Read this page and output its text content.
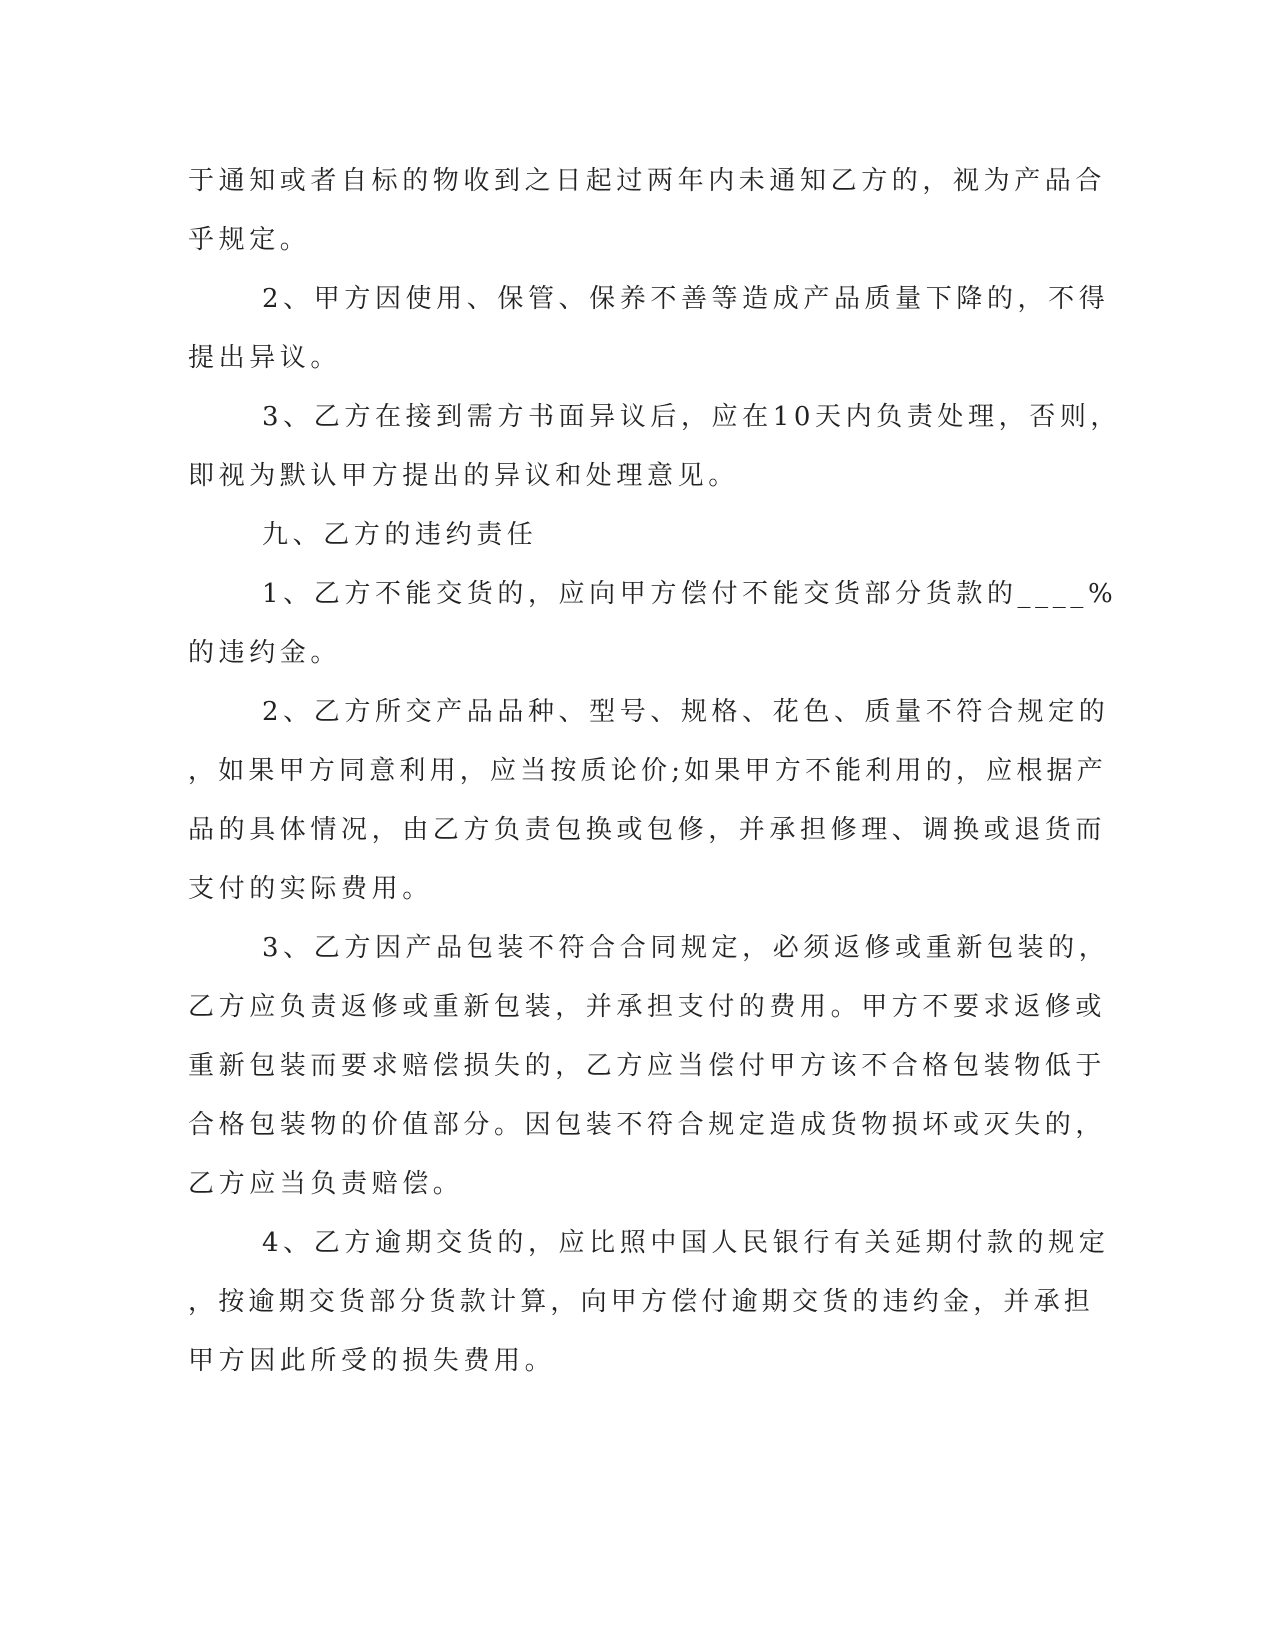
于通知或者自标的物收到之日起过两年内未通知乙方的，视为产品合
乎规定。
2、甲方因使用、保管、保养不善等造成产品质量下降的，不得
提出异议。
3、乙方在接到需方书面异议后，应在10天内负责处理，否则，
即视为默认甲方提出的异议和处理意见。
九、乙方的违约责任
1、乙方不能交货的，应向甲方偿付不能交货部分货款的____%
的违约金。
2、乙方所交产品品种、型号、规格、花色、质量不符合规定的
，如果甲方同意利用，应当按质论价;如果甲方不能利用的，应根据产
品的具体情况，由乙方负责包换或包修，并承担修理、调换或退货而
支付的实际费用。
3、乙方因产品包装不符合合同规定，必须返修或重新包装的，
乙方应负责返修或重新包装，并承担支付的费用。甲方不要求返修或
重新包装而要求赔偿损失的，乙方应当偿付甲方该不合格包装物低于
合格包装物的价值部分。因包装不符合规定造成货物损坏或灭失的，
乙方应当负责赔偿。
4、乙方逾期交货的，应比照中国人民银行有关延期付款的规定
，按逾期交货部分货款计算，向甲方偿付逾期交货的违约金，并承担
甲方因此所受的损失费用。
